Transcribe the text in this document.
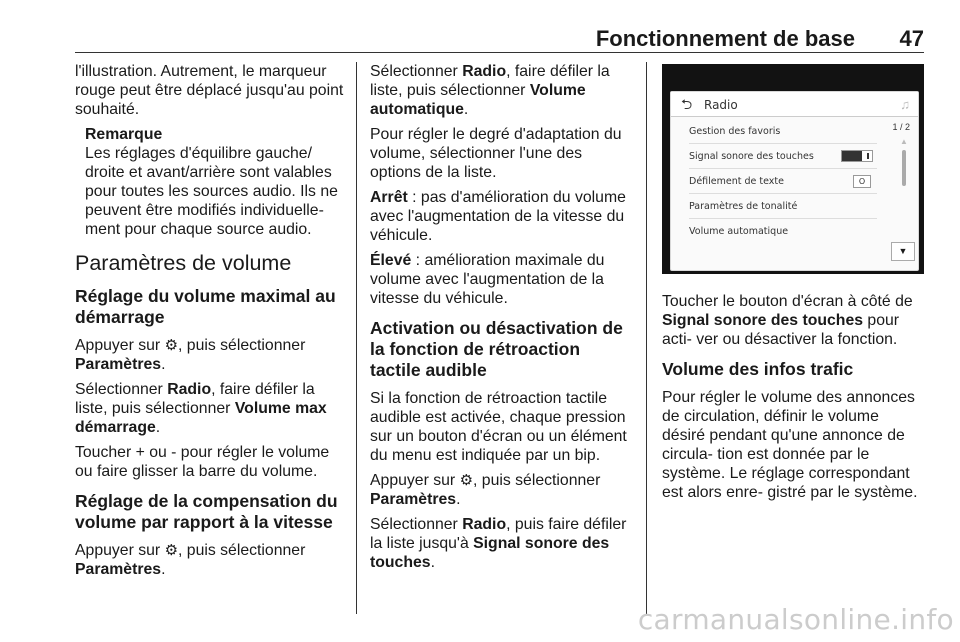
Fonctionnement de base 47

l'illustration. Autrement, le marqueur rouge peut être déplacé jusqu'au point souhaité.

Remarque
Les réglages d'équilibre gauche/ droite et avant/arrière sont valables pour toutes les sources audio. Ils ne peuvent être modifiés individuelle- ment pour chaque source audio.
Paramètres de volume
Réglage du volume maximal au démarrage

Appuyer sur ⚙, puis sélectionner Paramètres.

Sélectionner Radio, faire défiler la liste, puis sélectionner Volume max démarrage.

Toucher + ou - pour régler le volume ou faire glisser la barre du volume.

Réglage de la compensation du volume par rapport à la vitesse

Appuyer sur ⚙, puis sélectionner Paramètres.

Sélectionner Radio, faire défiler la liste, puis sélectionner Volume automatique.

Pour régler le degré d'adaptation du volume, sélectionner l'une des options de la liste.

Arrêt : pas d'amélioration du volume avec l'augmentation de la vitesse du véhicule.

Élevé : amélioration maximale du volume avec l'augmentation de la vitesse du véhicule.

Activation ou désactivation de la fonction de rétroaction tactile audible

Si la fonction de rétroaction tactile audible est activée, chaque pression sur un bouton d'écran ou un élément du menu est indiquée par un bip.

Appuyer sur ⚙, puis sélectionner Paramètres.

Sélectionner Radio, puis faire défiler la liste jusqu'à Signal sonore des touches.

⮌ Radio	♫
1 / 2
▲
Gestion des favoris
Signal sonore des touches
Défilement de texte	O
Paramètres de tonalité
Volume automatique
▼

Toucher le bouton d'écran à côté de Signal sonore des touches pour acti- ver ou désactiver la fonction.

Volume des infos trafic

Pour régler le volume des annonces de circulation, définir le volume désiré pendant qu'une annonce de circula- tion est donnée par le système. Le réglage correspondant est alors enre- gistré par le système.

carmanualsonline.info
